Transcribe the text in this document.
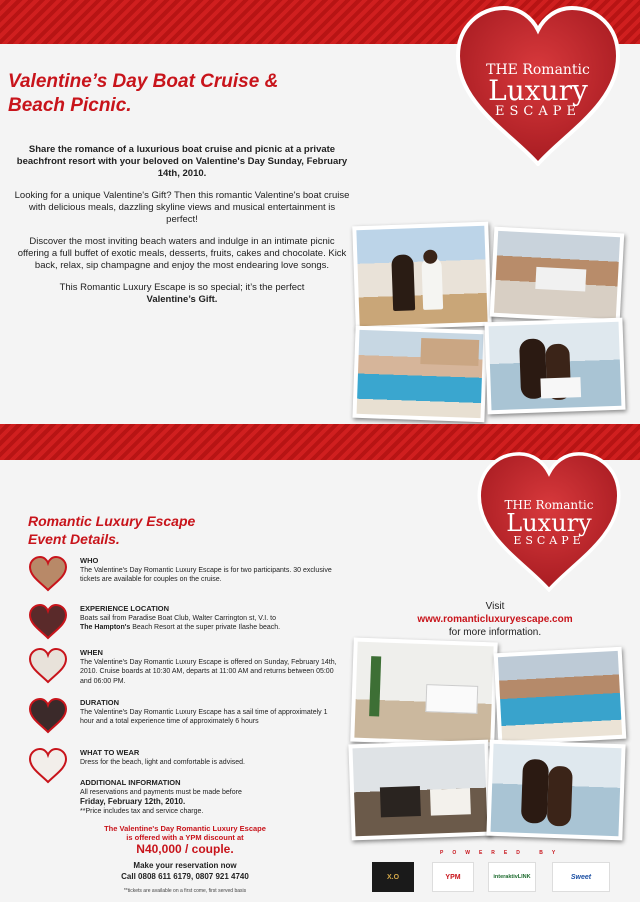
THE Romantic
Luxury
ESCAPE
Valentine’s Day Boat Cruise & Beach Picnic.

Share the romance of a luxurious boat cruise and picnic at a private beachfront resort with your beloved on Valentine's Day Sunday, February 14th, 2010.

Looking for a unique Valentine's Gift? Then this romantic Valentine's boat cruise with delicious meals, dazzling skyline views and musical entertainment is perfect!

Discover the most inviting beach waters and indulge in an intimate picnic offering a full buffet of exotic meals, desserts, fruits, cakes and chocolate. Kick back, relax, sip champagne and enjoy the most endearing love songs.

This Romantic Luxury Escape is so special; it’s the perfect
Valentine’s Gift.

THE Romantic
Luxury
ESCAPE
Romantic Luxury Escape
Event Details.
WHO
The Valentine's Day Romantic Luxury Escape is for two participants. 30 exclusive tickets are available for couples on the cruise.
EXPERIENCE LOCATION
Boats sail from Paradise Boat Club, Walter Carrington st, V.I. to
The Hampton's Beach Resort at the super private Ilashe beach.
WHEN
The Valentine's Day Romantic Luxury Escape is offered on Sunday, February 14th, 2010. Cruise boards at 10:30 AM, departs at 11:00 AM and returns between 05:00 and 06:00 PM.
DURATION
The Valentine's Day Romantic Luxury Escape has a sail time of approximately 1 hour and a total experience time of approximately 6 hours
WHAT TO WEAR
Dress for the beach, light and comfortable is advised.
ADDITIONAL INFORMATION
All reservations and payments must be made before
Friday, February 12th, 2010.
**Price includes tax and service charge.
The Valentine's Day Romantic Luxury Escape
is offered with a YPM discount at
N40,000 / couple.
Make your reservation now
Call 0808 611 6179, 0807 921 4740
**tickets are available on a first come, first served basis
Visit
www.romanticluxuryescape.com
for more information.
POWERED BY
X.O	YPM	interaktivLINK	Sweet
